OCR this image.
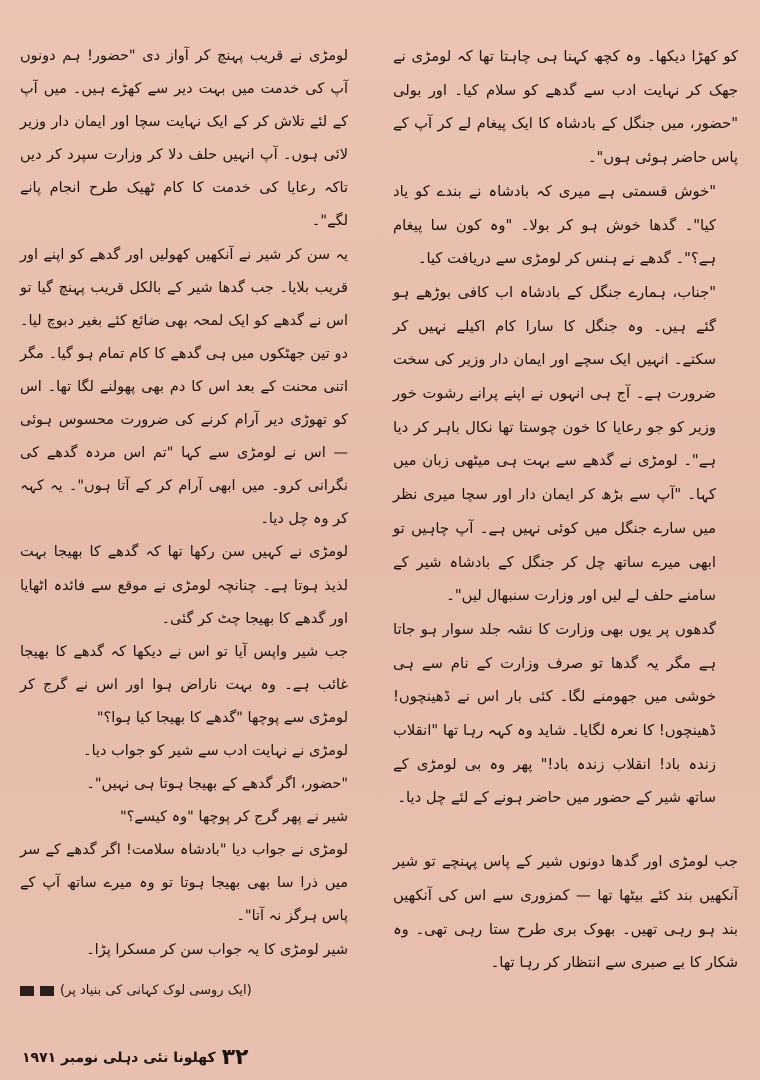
کو کھڑا دیکھا۔ وہ کچھ کہنا ہی چاہتا تھا کہ لومڑی نے جھک کر نہایت ادب سے گدھے کو سلام کیا۔ اور بولی "حضور، میں جنگل کے بادشاہ کا ایک پیغام لے کر آپ کے پاس حاضر ہوئی ہوں"۔

"خوش قسمتی ہے میری کہ بادشاہ نے بندے کو یاد کیا"۔ گدھا خوش ہو کر بولا۔ "وہ کون سا پیغام ہے؟"۔ گدھے نے ہنس کر لومڑی سے دریافت کیا۔

"جناب، ہمارے جنگل کے بادشاہ اب کافی بوڑھے ہو گئے ہیں۔ وہ جنگل کا سارا کام اکیلے نہیں کر سکتے۔ انہیں ایک سچے اور ایمان دار وزیر کی سخت ضرورت ہے۔ آج ہی انہوں نے اپنے پرانے رشوت خور وزیر کو جو رعایا کا خون چوستا تھا نکال باہر کر دیا ہے"۔ لومڑی نے گدھے سے بہت ہی میٹھی زبان میں کہا۔ "آپ سے بڑھ کر ایمان دار اور سچا میری نظر میں سارے جنگل میں کوئی نہیں ہے۔ آپ چاہیں تو ابھی میرے ساتھ چل کر جنگل کے بادشاہ شیر کے سامنے حلف لے لیں اور وزارت سنبھال لیں"۔

گدھوں پر یوں بھی وزارت کا نشہ جلد سوار ہو جاتا ہے مگر یہ گدھا تو صرف وزارت کے نام سے ہی خوشی میں جھومنے لگا۔ کئی بار اس نے ڈھینچوں! ڈھینچوں! کا نعرہ لگایا۔ شاید وہ کہہ رہا تھا "انقلاب زندہ باد! انقلاب زندہ باد!" پھر وہ بی لومڑی کے ساتھ شیر کے حضور میں حاضر ہونے کے لئے چل دیا۔

جب لومڑی اور گدھا دونوں شیر کے پاس پہنچے تو شیر آنکھیں بند کئے بیٹھا تھا — کمزوری سے اس کی آنکھیں بند ہو رہی تھیں۔ بھوک بری طرح ستا رہی تھی۔ وہ شکار کا بے صبری سے انتظار کر رہا تھا۔

لومڑی نے قریب پہنچ کر آواز دی "حضور! ہم دونوں آپ کی خدمت میں بہت دیر سے کھڑے ہیں۔ میں آپ کے لئے تلاش کر کے ایک نہایت سچا اور ایمان دار وزیر لائی ہوں۔ آپ انہیں حلف دلا کر وزارت سپرد کر دیں تاکہ رعایا کی خدمت کا کام ٹھیک طرح انجام پانے لگے"۔

یہ سن کر شیر نے آنکھیں کھولیں اور گدھے کو اپنے اور قریب بلایا۔ جب گدھا شیر کے بالکل قریب پہنچ گیا تو اس نے گدھے کو ایک لمحہ بھی ضائع کئے بغیر دبوچ لیا۔ دو تین جھٹکوں میں ہی گدھے کا کام تمام ہو گیا۔ مگر اتنی محنت کے بعد اس کا دم بھی پھولنے لگا تھا۔ اس کو تھوڑی دیر آرام کرنے کی ضرورت محسوس ہوئی — اس نے لومڑی سے کہا "تم اس مردہ گدھے کی نگرانی کرو۔ میں ابھی آرام کر کے آتا ہوں"۔ یہ کہہ کر وہ چل دیا۔

لومڑی نے کہیں سن رکھا تھا کہ گدھے کا بھیجا بہت لذیذ ہوتا ہے۔ چنانچہ لومڑی نے موقع سے فائدہ اٹھایا اور گدھے کا بھیجا چٹ کر گئی۔

جب شیر واپس آیا تو اس نے دیکھا کہ گدھے کا بھیجا غائب ہے۔ وہ بہت ناراض ہوا اور اس نے گرج کر لومڑی سے پوچھا "گدھے کا بھیجا کیا ہوا؟"

لومڑی نے نہایت ادب سے شیر کو جواب دیا۔

"حضور، اگر گدھے کے بھیجا ہوتا ہی نہیں"۔

شیر نے پھر گرج کر پوچھا "وہ کیسے؟"

لومڑی نے جواب دیا "بادشاہ سلامت! اگر گدھے کے سر میں ذرا سا بھی بھیجا ہوتا تو وہ میرے ساتھ آپ کے پاس ہرگز نہ آتا"۔

شیر لومڑی کا یہ جواب سن کر مسکرا پڑا۔

(ایک روسی لوک کہانی کی بنیاد پر)
۳۲
کھلونا نئی دہلی نومبر ۱۹۷۱
